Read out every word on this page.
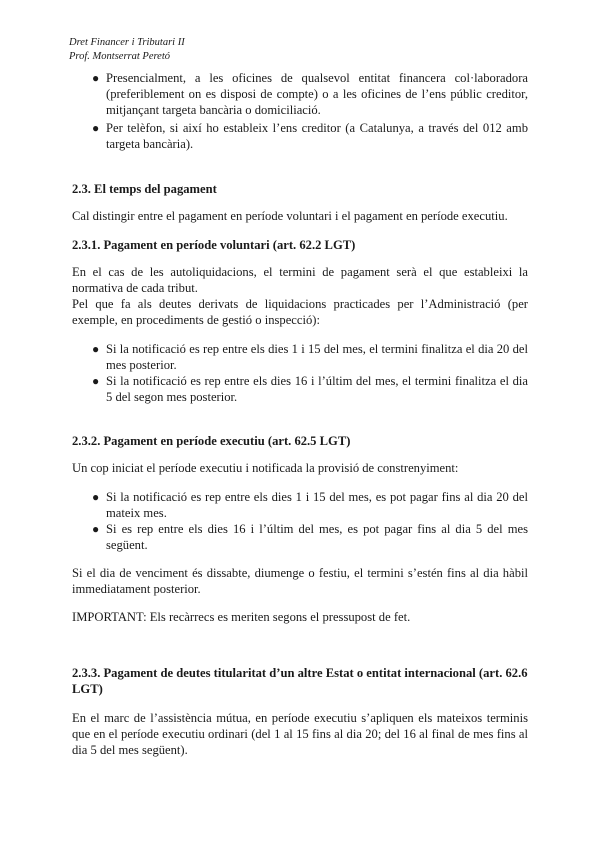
Dret Financer i Tributari II
Prof. Montserrat Peretó
● Presencialment, a les oficines de qualsevol entitat financera col·laboradora (preferiblement on es disposi de compte) o a les oficines de l’ens públic creditor, mitjançant targeta bancària o domiciliació.
● Per telèfon, si així ho estableix l’ens creditor (a Catalunya, a través del 012 amb targeta bancària).
2.3. El temps del pagament
Cal distingir entre el pagament en període voluntari i el pagament en període executiu.
2.3.1. Pagament en període voluntari (art. 62.2 LGT)
En el cas de les autoliquidacions, el termini de pagament serà el que estableixi la normativa de cada tribut.
Pel que fa als deutes derivats de liquidacions practicades per l’Administració (per exemple, en procediments de gestió o inspecció):
● Si la notificació es rep entre els dies 1 i 15 del mes, el termini finalitza el dia 20 del mes posterior.
● Si la notificació es rep entre els dies 16 i l’últim del mes, el termini finalitza el dia 5 del segon mes posterior.
2.3.2. Pagament en període executiu (art. 62.5 LGT)
Un cop iniciat el període executiu i notificada la provisió de constrenyiment:
● Si la notificació es rep entre els dies 1 i 15 del mes, es pot pagar fins al dia 20 del mateix mes.
● Si es rep entre els dies 16 i l’últim del mes, es pot pagar fins al dia 5 del mes següent.
Si el dia de venciment és dissabte, diumenge o festiu, el termini s’estén fins al dia hàbil immediatament posterior.
IMPORTANT: Els recàrrecs es meriten segons el pressupost de fet.
2.3.3. Pagament de deutes titularitat d’un altre Estat o entitat internacional (art. 62.6 LGT)
En el marc de l’assistència mútua, en període executiu s’apliquen els mateixos terminis que en el període executiu ordinari (del 1 al 15 fins al dia 20; del 16 al final de mes fins al dia 5 del mes següent).
